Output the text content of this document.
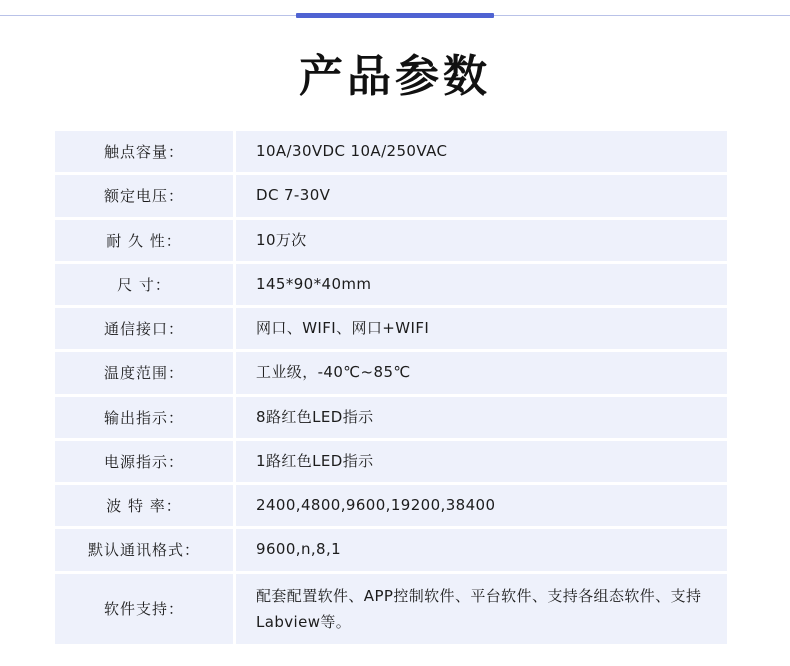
产品参数
触点容量：		10A/30VDC 10A/250VAC
额定电压：		DC 7-30V
耐 久 性：		10万次
尺 寸：		145*90*40mm
通信接口：		网口、WIFI、网口+WIFI
温度范围：		工业级，-40℃~85℃
输出指示：		8路红色LED指示
电源指示：		1路红色LED指示
波 特 率：		2400,4800,9600,19200,38400
默认通讯格式：		9600,n,8,1
软件支持：		配套配置软件、APP控制软件、平台软件、支持各组态软件、支持Labview等。
